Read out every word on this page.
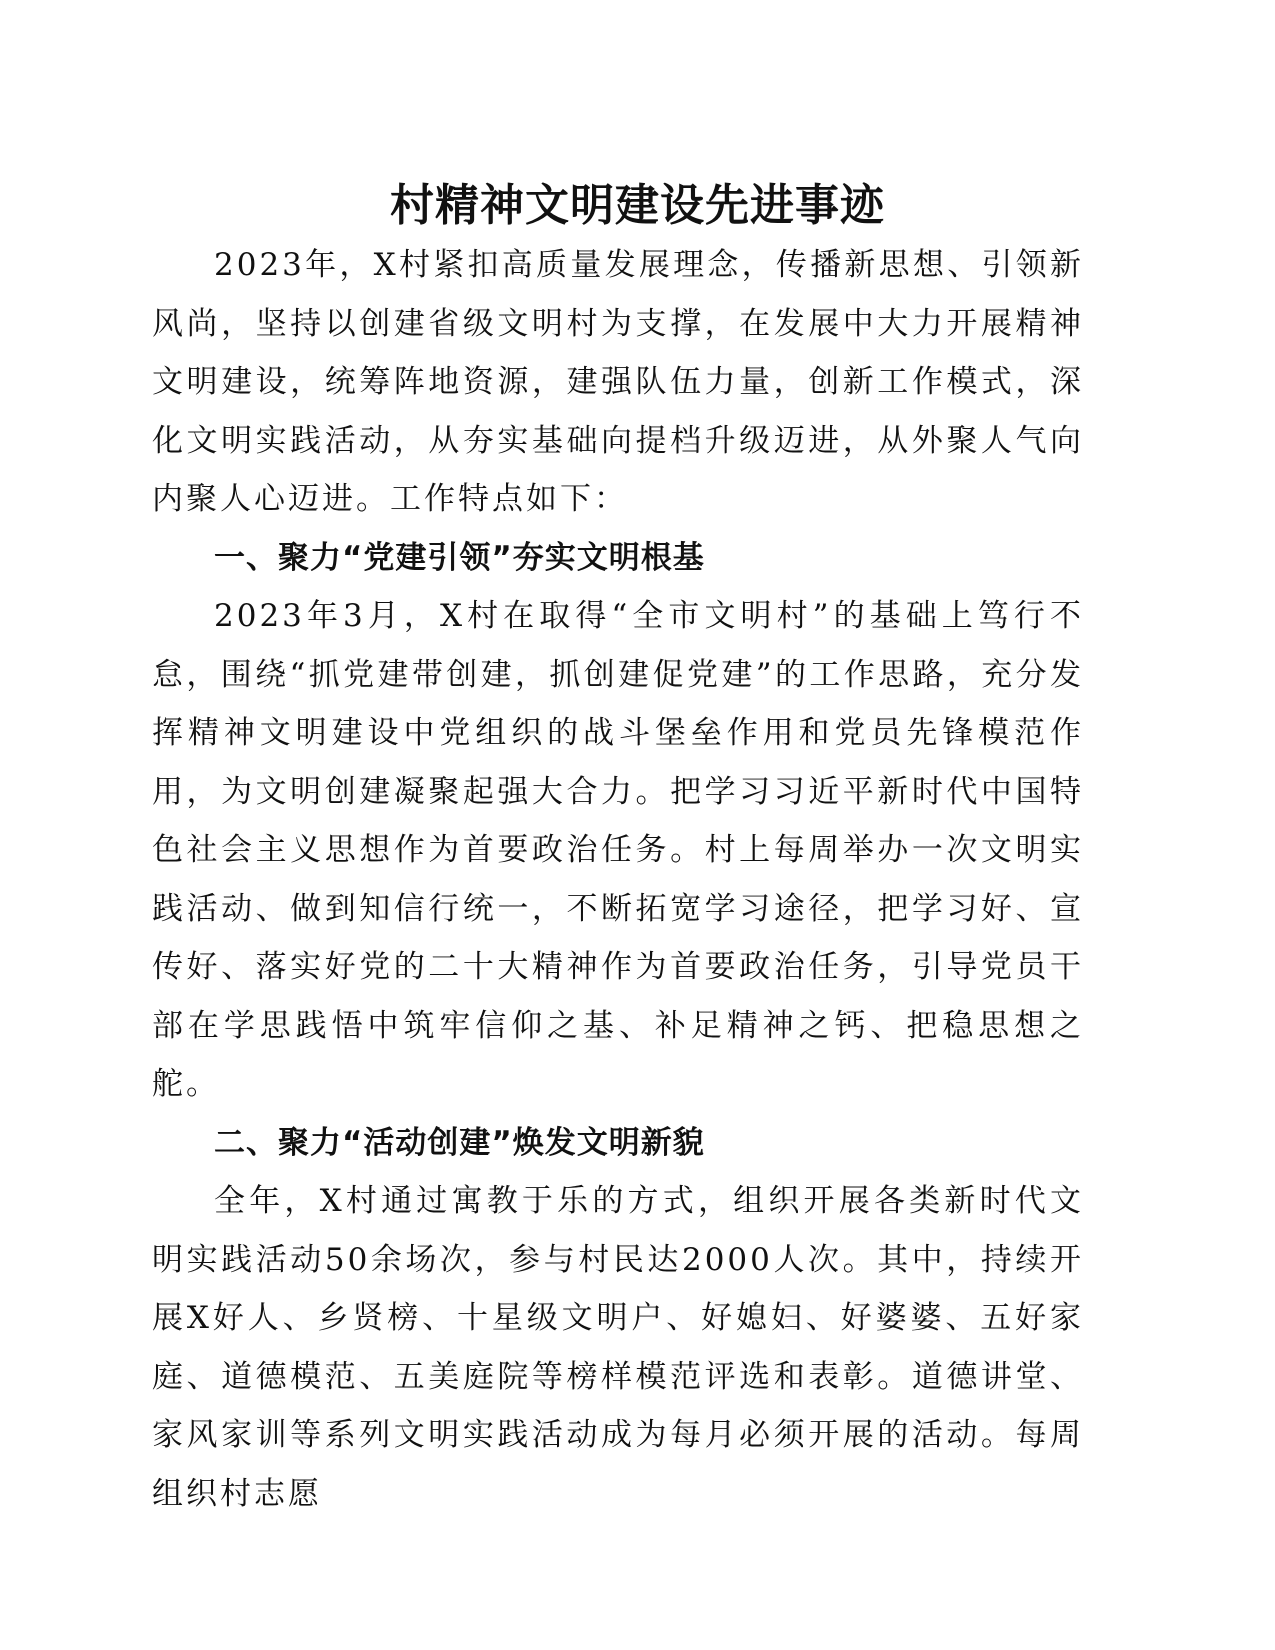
村精神文明建设先进事迹

2023年，X村紧扣高质量发展理念，传播新思想、引领新风尚，坚持以创建省级文明村为支撑，在发展中大力开展精神文明建设，统筹阵地资源，建强队伍力量，创新工作模式，深化文明实践活动，从夯实基础向提档升级迈进，从外聚人气向内聚人心迈进。工作特点如下：

一、聚力“党建引领”夯实文明根基

2023年3月，X村在取得“全市文明村”的基础上笃行不怠，围绕“抓党建带创建，抓创建促党建”的工作思路，充分发挥精神文明建设中党组织的战斗堡垒作用和党员先锋模范作用，为文明创建凝聚起强大合力。把学习习近平新时代中国特色社会主义思想作为首要政治任务。村上每周举办一次文明实践活动、做到知信行统一，不断拓宽学习途径，把学习好、宣传好、落实好党的二十大精神作为首要政治任务，引导党员干部在学思践悟中筑牢信仰之基、补足精神之钙、把稳思想之舵。

二、聚力“活动创建”焕发文明新貌

全年，X村通过寓教于乐的方式，组织开展各类新时代文明实践活动50余场次，参与村民达2000人次。其中，持续开展X好人、乡贤榜、十星级文明户、好媳妇、好婆婆、五好家庭、道德模范、五美庭院等榜样模范评选和表彰。道德讲堂、家风家训等系列文明实践活动成为每月必须开展的活动。每周组织村志愿
